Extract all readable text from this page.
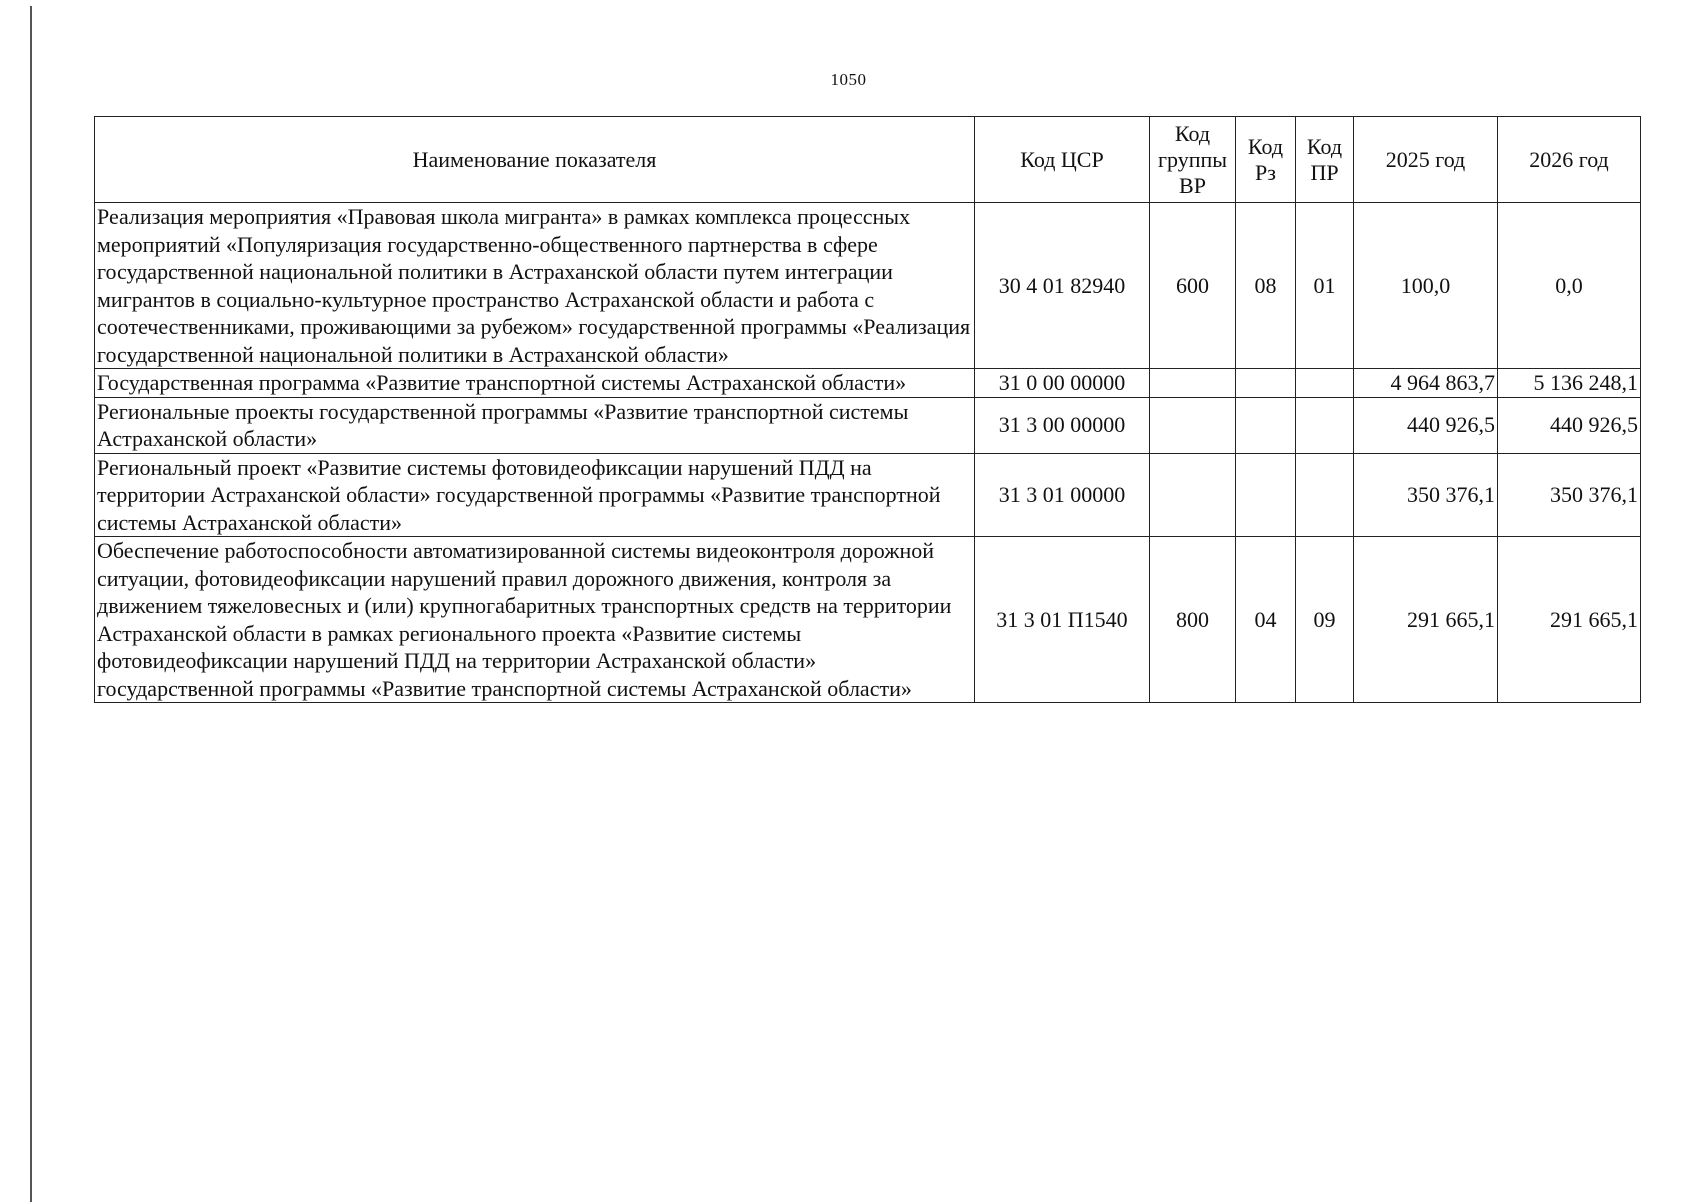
1050
Наименование показателя	Код ЦСР	Код группы ВР	Код Рз	Код ПР	2025 год	2026 год
Реализация мероприятия «Правовая школа мигранта» в рамках комплекса процессных мероприятий «Популяризация государственно-общественного партнерства в сфере государственной национальной политики в Астраханской области путем интеграции мигрантов в социально-культурное пространство Астраханской области и работа с соотечественниками, проживающими за рубежом» государственной программы «Реализация государственной национальной политики в Астраханской области»	30 4 01 82940	600	08	01	100,0	0,0
Государственная программа «Развитие транспортной системы Астраханской области»	31 0 00 00000				4 964 863,7	5 136 248,1
Региональные проекты государственной программы «Развитие транспортной системы Астраханской области»	31 3 00 00000				440 926,5	440 926,5
Региональный проект «Развитие системы фотовидеофиксации нарушений ПДД на территории Астраханской области» государственной программы «Развитие транспортной системы Астраханской области»	31 3 01 00000				350 376,1	350 376,1
Обеспечение работоспособности автоматизированной системы видеоконтроля дорожной ситуации, фотовидеофиксации нарушений правил дорожного движения, контроля за движением тяжеловесных и (или) крупногабаритных транспортных средств на территории Астраханской области в рамках регионального проекта «Развитие системы фотовидеофиксации нарушений ПДД на территории Астраханской области» государственной программы «Развитие транспортной системы Астраханской области»	31 3 01 П1540	800	04	09	291 665,1	291 665,1
